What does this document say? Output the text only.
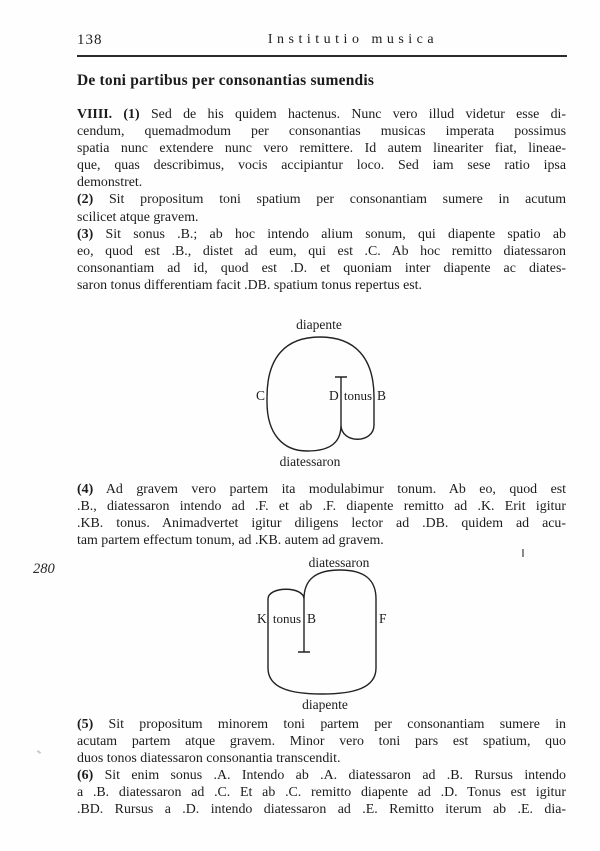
138	Institutio musica
De toni partibus per consonantias sumendis
VIIII. (1) Sed de his quidem hactenus. Nunc vero illud videtur esse di-
cendum, quemadmodum per consonantias musicas imperata possimus
spatia nunc extendere nunc vero remittere. Id autem lineariter fiat, lineae-
que, quas describimus, vocis accipiantur loco. Sed iam sese ratio ipsa
demonstret.
(2) Sit propositum toni spatium per consonantiam sumere in acutum
scilicet atque gravem.
(3) Sit sonus .B.; ab hoc intendo alium sonum, qui diapente spatio ab
eo, quod est .B., distet ad eum, qui est .C. Ab hoc remitto diatessaron
consonantiam ad id, quod est .D. et quoniam inter diapente ac diates-
saron tonus differentiam facit .DB. spatium tonus repertus est.
diapente
C	D tonus B
diatessaron
(4) Ad gravem vero partem ita modulabimur tonum. Ab eo, quod est
.B., diatessaron intendo ad .F. et ab .F. diapente remitto ad .K. Erit igitur
.KB. tonus. Animadvertet igitur diligens lector ad .DB. quidem ad acu-
tam partem effectum tonum, ad .KB. autem ad gravem.
280	diatessaron
K tonus B	F
diapente
(5) Sit propositum minorem toni partem per consonantiam sumere in
acutam partem atque gravem. Minor vero toni pars est spatium, quo
duos tonos diatessaron consonantia transcendit.
(6) Sit enim sonus .A. Intendo ab .A. diatessaron ad .B. Rursus intendo
a .B. diatessaron ad .C. Et ab .C. remitto diapente ad .D. Tonus est igitur
.BD. Rursus a .D. intendo diatessaron ad .E. Remitto iterum ab .E. dia-
